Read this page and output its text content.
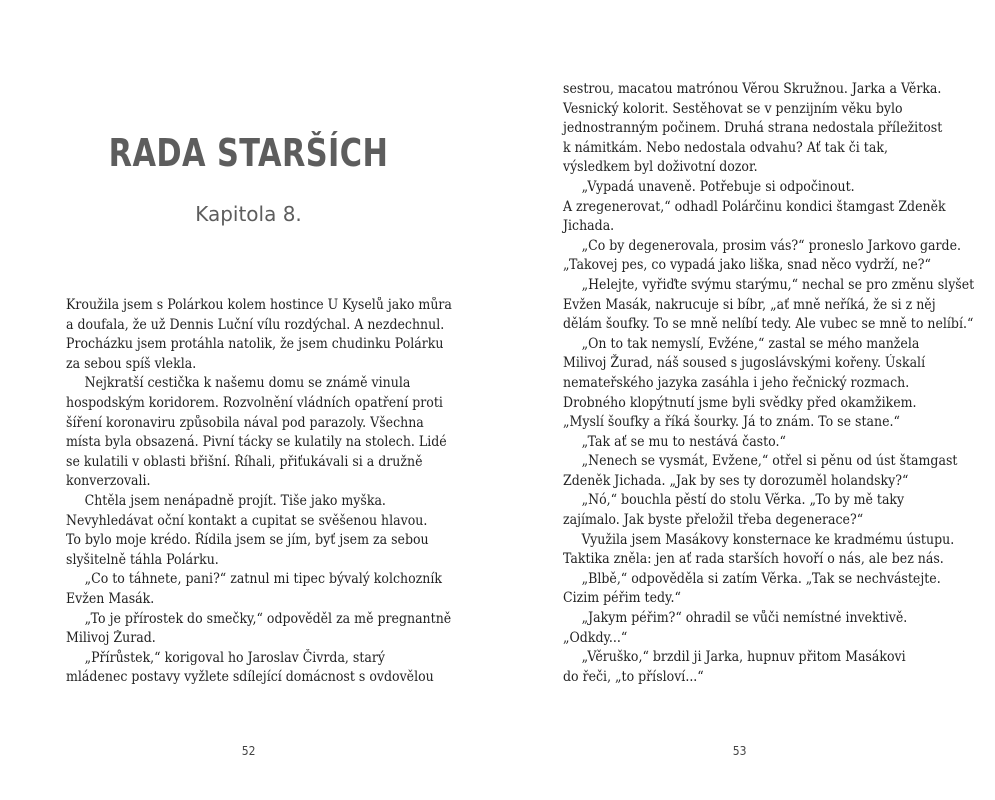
RADA STARŠÍCH
Kapitola 8.
Kroužila jsem s Polárkou kolem hostince U Kyselů jako můra
a doufala, že už Dennis Luční vílu rozdýchal. A nezdechnul.
Procházku jsem protáhla natolik, že jsem chudinku Polárku
za sebou spíš vlekla.
Nejkratší cestička k našemu domu se známě vinula
hospodským koridorem. Rozvolnění vládních opatření proti
šíření koronaviru způsobila nával pod parazoly. Všechna
místa byla obsazená. Pivní tácky se kulatily na stolech. Lidé
se kulatili v oblasti břišní. Říhali, přiťukávali si a družně
konverzovali.
Chtěla jsem nenápadně projít. Tiše jako myška.
Nevyhledávat oční kontakt a cupitat se svěšenou hlavou.
To bylo moje krédo. Řídila jsem se jím, byť jsem za sebou
slyšitelně táhla Polárku.
„Co to táhnete, pani?“ zatnul mi tipec bývalý kolchozník
Evžen Masák.
„To je přírostek do smečky,“ odpověděl za mě pregnantně
Milivoj Žurad.
„Přírůstek,“ korigoval ho Jaroslav Čivrda, starý
mládenec postavy vyžlete sdílející domácnost s ovdovělou
52
sestrou, macatou matrónou Věrou Skružnou. Jarka a Věrka.
Vesnický kolorit. Sestěhovat se v penzijním věku bylo
jednostranným počinem. Druhá strana nedostala příležitost
k námitkám. Nebo nedostala odvahu? Ať tak či tak,
výsledkem byl doživotní dozor.
„Vypadá unaveně. Potřebuje si odpočinout.
A zregenerovat,“ odhadl Polárčinu kondici štamgast Zdeněk
Jichada.
„Co by degenerovala, prosim vás?“ proneslo Jarkovo garde.
„Takovej pes, co vypadá jako liška, snad něco vydrží, ne?“
„Helejte, vyřiďte svýmu starýmu,“ nechal se pro změnu slyšet
Evžen Masák, nakrucuje si bíbr, „ať mně neříká, že si z něj
dělám šoufky. To se mně nelíbí tedy. Ale vubec se mně to nelíbí.“
„On to tak nemyslí, Evžéne,“ zastal se mého manžela
Milivoj Žurad, náš soused s jugoslávskými kořeny. Úskalí
nemateřského jazyka zasáhla i jeho řečnický rozmach.
Drobného klopýtnutí jsme byli svědky před okamžikem.
„Myslí šoufky a říká šourky. Já to znám. To se stane.“
„Tak ať se mu to nestává často.“
„Nenech se vysmát, Evžene,“ otřel si pěnu od úst štamgast
Zdeněk Jichada. „Jak by ses ty dorozuměl holandsky?“
„Nó,“ bouchla pěstí do stolu Věrka. „To by mě taky
zajímalo. Jak byste přeložil třeba degenerace?“
Využila jsem Masákovy konsternace ke kradmému ústupu.
Taktika zněla: jen ať rada starších hovoří o nás, ale bez nás.
„Blbě,“ odpověděla si zatím Věrka. „Tak se nechvástejte.
Cizim péřim tedy.“
„Jakym péřim?“ ohradil se vůči nemístné invektivě.
„Odkdy...“
„Věruško,“ brzdil ji Jarka, hupnuv přitom Masákovi
do řeči, „to přísloví...“
53
